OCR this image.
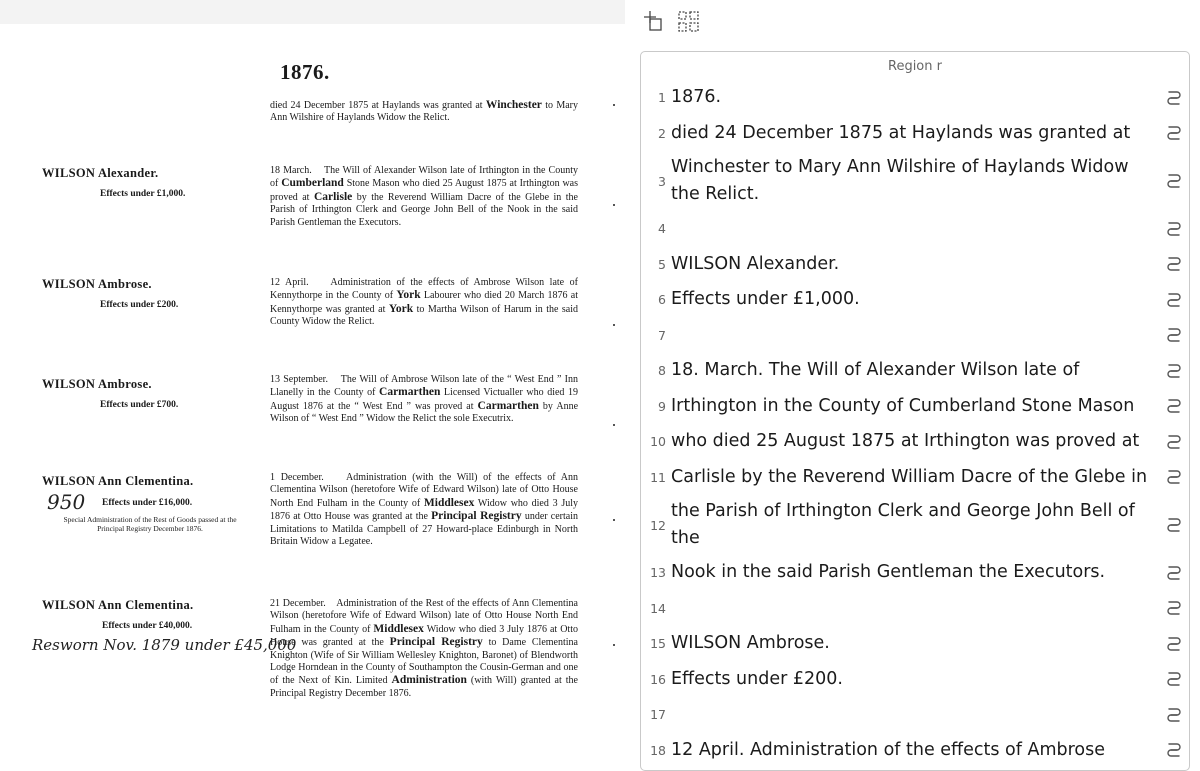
1876.
died 24 December 1875 at Haylands was granted at Winchester to Mary Ann Wilshire of Haylands Widow the Relict.
WILSON Alexander.
Effects under £1,000.
18 March.    The Will of Alexander Wilson late of Irthington in the County of Cumberland Stone Mason who died 25 August 1875 at Irthington was proved at Carlisle by the Reverend William Dacre of the Glebe in the Parish of Irthington Clerk and George John Bell of the Nook in the said Parish Gentleman the Executors.
WILSON Ambrose.
Effects under £200.
12 April.    Administration of the effects of Ambrose Wilson late of Kennythorpe in the County of York Labourer who died 20 March 1876 at Kennythorpe was granted at York to Martha Wilson of Harum in the said County Widow the Relict.
WILSON Ambrose.
Effects under £700.
13 September.    The Will of Ambrose Wilson late of the “ West End ” Inn Llanelly in the County of Carmarthen Licensed Victualler who died 19 August 1876 at the “ West End ” was proved at Carmarthen by Anne Wilson of “ West End ” Widow the Relict the sole Executrix.
WILSON Ann Clementina.
950 Effects under £16,000.
Special Administration of the Rest of Goods passed at the Principal Registry December 1876.
1 December.    Administration (with the Will) of the effects of Ann Clementina Wilson (heretofore Wife of Edward Wilson) late of Otto House North End Fulham in the County of Middlesex Widow who died 3 July 1876 at Otto House was granted at the Principal Registry under certain Limitations to Matilda Campbell of 27 Howard-place Edinburgh in North Britain Widow a Legatee.
WILSON Ann Clementina.
Effects under £40,000.
Resworn Nov. 1879 under £45,000
21 December.    Administration of the Rest of the effects of Ann Clementina Wilson (heretofore Wife of Edward Wilson) late of Otto House North End Fulham in the County of Middlesex Widow who died 3 July 1876 at Otto House was granted at the Principal Registry to Dame Clementina Knighton (Wife of Sir William Wellesley Knighton, Baronet) of Blendworth Lodge Horndean in the County of Southampton the Cousin-German and one of the Next of Kin. Limited Administration (with Will) granted at the Principal Registry December 1876.
Region r
1 1876.
2 died 24 December 1875 at Haylands was granted at
3
Winchester to Mary Ann Wilshire of Haylands Widow the Relict.
4
5 WILSON Alexander.
6 Effects under £1,000.
7
8 18. March. The Will of Alexander Wilson late of
9 Irthington in the County of Cumberland Stone Mason
10 who died 25 August 1875 at Irthington was proved at
11 Carlisle by the Reverend William Dacre of the Glebe in
12
the Parish of Irthington Clerk and George John Bell of the
13 Nook in the said Parish Gentleman the Executors.
14
15 WILSON Ambrose.
16 Effects under £200.
17
18 12 April. Administration of the effects of Ambrose
